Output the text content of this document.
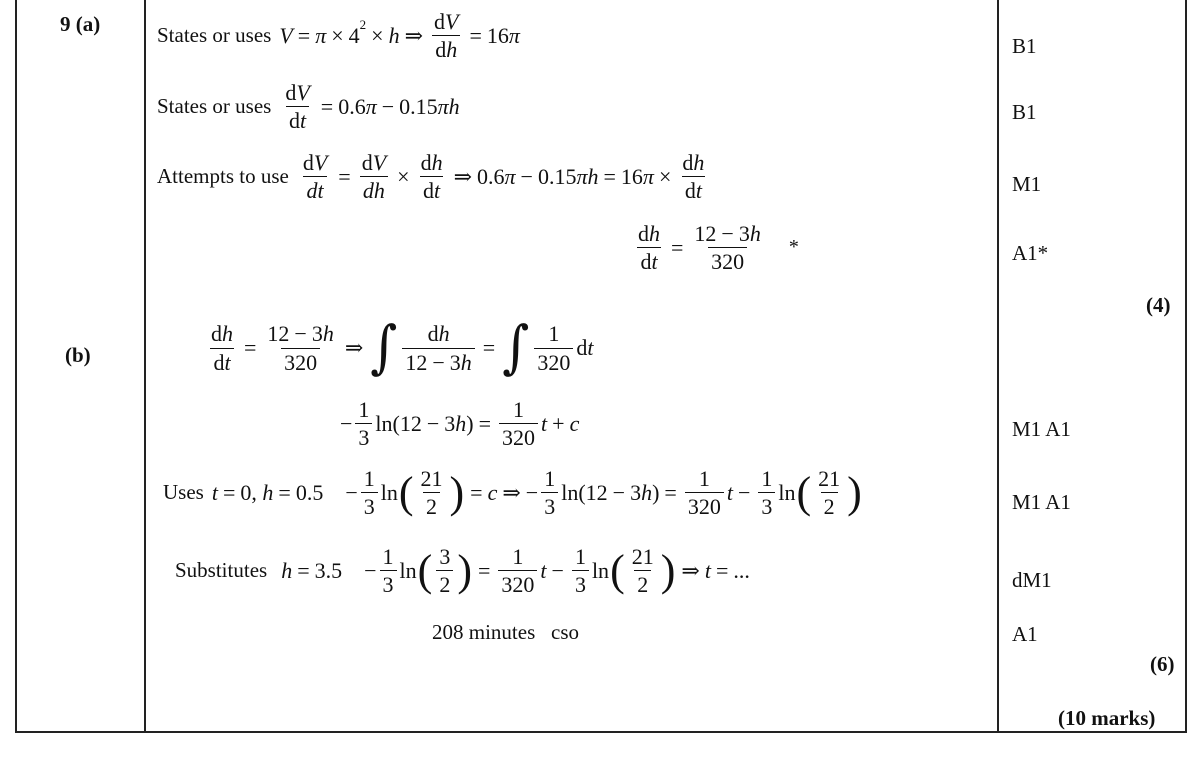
9 (a)
(b)
States or uses V = π × 4 2 × h ⇒ $\frac{dV}{dh} = 16$ π	B1
States or uses $\frac{dV}{dt} = 0.6$ π − 0.15 πh	B1
Attempts to use $\frac{dV}{dt} = \frac{dV}{dh} \times \frac{dh}{dt}$ ⇒ 0.6 π − 0.15 πh = 16 $\pi \times \frac{dh}{dt}$	M1
$\frac{dh}{dt} = \frac{12 - 3h}{320}$ *	A1*
(4)
$\frac{dh}{dt} = \frac{12 - 3h}{320}$ ⇒ ∫ $\frac{dh}{12 - 3h}$ = ∫ $\frac{1}{320}$ d t
− $\frac{1}{3} \ln(12 - 3$ h ) = $\frac{1}{320}$ t + c	M1 A1
Uses t = 0, h = 0.5    − $\frac{1}{3}$ ln ( $\frac{21}{2}$ ) = c ⇒ − $\frac{1}{3} \ln(12 - 3$ h ) = $\frac{1}{320}$ $t - \frac{1}{3}$ ln ( $\frac{21}{2}$ )	M1 A1
Substitutes h = 3.5    − $\frac{1}{3}$ ln ( $\frac{3}{2}$ ) = $\frac{1}{320}$ $t - \frac{1}{3}$ ln ( $\frac{21}{2}$ ) ⇒ t = ...	dM1
208 minutes   cso	A1
(6)
(10 marks)
